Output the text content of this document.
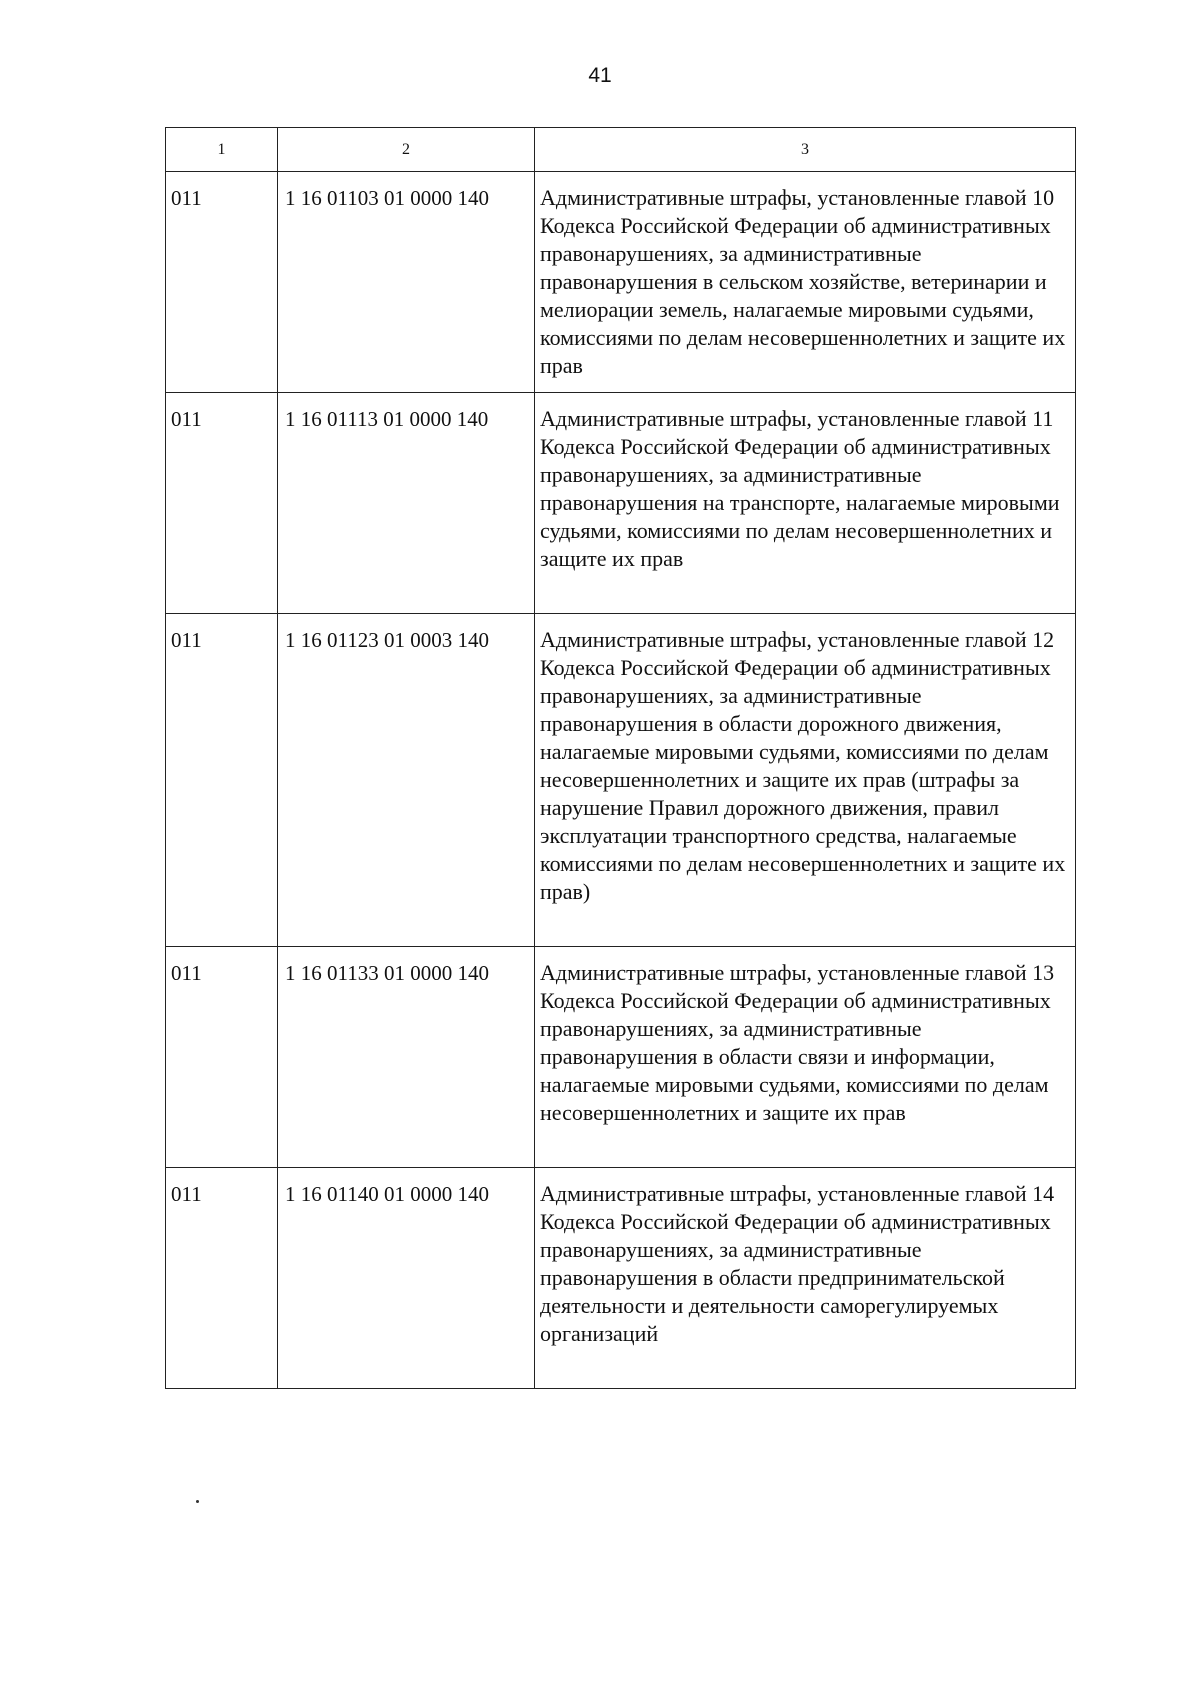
41
1	2	3
011	1 16 01103 01 0000 140	Административные штрафы, установленные главой 10 Кодекса Российской Федерации об административных правонарушениях, за административные правонарушения в сельском хозяйстве, ветеринарии и мелиорации земель, налагаемые мировыми судьями, комиссиями по делам несовершеннолетних и защите их прав
011	1 16 01113 01 0000 140	Административные штрафы, установленные главой 11 Кодекса Российской Федерации об административных правонарушениях, за административные правонарушения на транспорте, налагаемые мировыми судьями, комиссиями по делам несовершеннолетних и защите их прав
011	1 16 01123 01 0003 140	Административные штрафы, установленные главой 12 Кодекса Российской Федерации об административных правонарушениях, за административные правонарушения в области дорожного движения, налагаемые мировыми судьями, комиссиями по делам несовершеннолетних и защите их прав (штрафы за нарушение Правил дорожного движения, правил эксплуатации транспортного средства, налагаемые комиссиями по делам несовершеннолетних и защите их прав)
011	1 16 01133 01 0000 140	Административные штрафы, установленные главой 13 Кодекса Российской Федерации об административных правонарушениях, за административные правонарушения в области связи и информации, налагаемые мировыми судьями, комиссиями по делам несовершеннолетних и защите их прав
011	1 16 01140 01 0000 140	Административные штрафы, установленные главой 14 Кодекса Российской Федерации об административных правонарушениях, за административные правонарушения в области предпринимательской деятельности и деятельности саморегулируемых организаций
